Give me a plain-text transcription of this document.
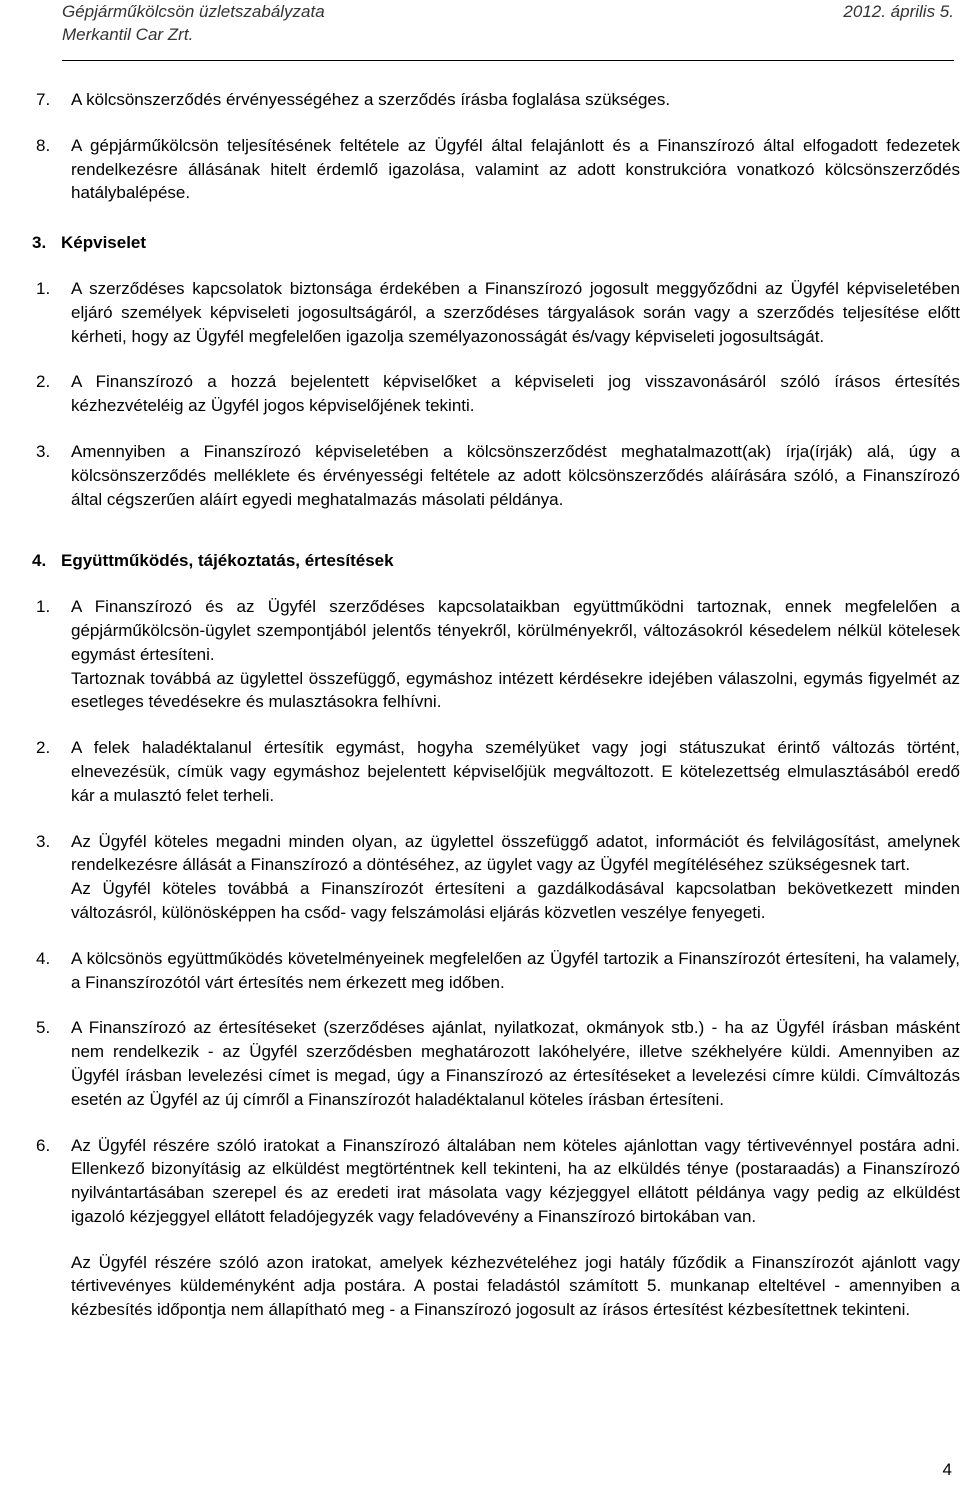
Gépjárműkölcsön üzletszabályzata
Merkantil Car Zrt.
2012. április 5.
7. A kölcsönszerződés érvényességéhez a szerződés írásba foglalása szükséges.

8. A gépjárműkölcsön teljesítésének feltétele az Ügyfél által felajánlott és a Finanszírozó által elfogadott fedezetek rendelkezésre állásának hitelt érdemlő igazolása, valamint az adott konstrukcióra vonatkozó kölcsönszerződés hatálybalépése.

3. Képviselet
1. A szerződéses kapcsolatok biztonsága érdekében a Finanszírozó jogosult meggyőződni az Ügyfél képviseletében eljáró személyek képviseleti jogosultságáról, a szerződéses tárgyalások során vagy a szerződés teljesítése előtt kérheti, hogy az Ügyfél megfelelően igazolja személyazonosságát és/vagy képviseleti jogosultságát.

2. A Finanszírozó a hozzá bejelentett képviselőket a képviseleti jog visszavonásáról szóló írásos értesítés kézhezvételéig az Ügyfél jogos képviselőjének tekinti.

3. Amennyiben a Finanszírozó képviseletében a kölcsönszerződést meghatalmazott(ak) írja(írják) alá, úgy a kölcsönszerződés melléklete és érvényességi feltétele az adott kölcsönszerződés aláírására szóló, a Finanszírozó által cégszerűen aláírt egyedi meghatalmazás másolati példánya.

4. Együttműködés, tájékoztatás, értesítések
1. A Finanszírozó és az Ügyfél szerződéses kapcsolataikban együttműködni tartoznak, ennek megfelelően a gépjárműkölcsön-ügylet szempontjából jelentős tényekről, körülményekről, változásokról késedelem nélkül kötelesek egymást értesíteni.

Tartoznak továbbá az ügylettel összefüggő, egymáshoz intézett kérdésekre idejében válaszolni, egymás figyelmét az esetleges tévedésekre és mulasztásokra felhívni.

2. A felek haladéktalanul értesítik egymást, hogyha személyüket vagy jogi státuszukat érintő változás történt, elnevezésük, címük vagy egymáshoz bejelentett képviselőjük megváltozott. E kötelezettség elmulasztásából eredő kár a mulasztó felet terheli.

3. Az Ügyfél köteles megadni minden olyan, az ügylettel összefüggő adatot, információt és felvilágosítást, amelynek rendelkezésre állását a Finanszírozó a döntéséhez, az ügylet vagy az Ügyfél megítéléséhez szükségesnek tart.

Az Ügyfél köteles továbbá a Finanszírozót értesíteni a gazdálkodásával kapcsolatban bekövetkezett minden változásról, különösképpen ha csőd- vagy felszámolási eljárás közvetlen veszélye fenyegeti.

4. A kölcsönös együttműködés követelményeinek megfelelően az Ügyfél tartozik a Finanszírozót értesíteni, ha valamely, a Finanszírozótól várt értesítés nem érkezett meg időben.

5. A Finanszírozó az értesítéseket (szerződéses ajánlat, nyilatkozat, okmányok stb.) - ha az Ügyfél írásban másként nem rendelkezik - az Ügyfél szerződésben meghatározott lakóhelyére, illetve székhelyére küldi. Amennyiben az Ügyfél írásban levelezési címet is megad, úgy a Finanszírozó az értesítéseket a levelezési címre küldi. Címváltozás esetén az Ügyfél az új címről a Finanszírozót haladéktalanul köteles írásban értesíteni.

6. Az Ügyfél részére szóló iratokat a Finanszírozó általában nem köteles ajánlottan vagy tértivevénnyel postára adni. Ellenkező bizonyításig az elküldést megtörténtnek kell tekinteni, ha az elküldés ténye (postaraadás) a Finanszírozó nyilvántartásában szerepel és az eredeti irat másolata vagy kézjeggyel ellátott példánya vagy pedig az elküldést igazoló kézjeggyel ellátott feladójegyzék vagy feladóvevény a Finanszírozó birtokában van.

Az Ügyfél részére szóló azon iratokat, amelyek kézhezvételéhez jogi hatály fűződik a Finanszírozót ajánlott vagy tértivevényes küldeményként adja postára. A postai feladástól számított 5. munkanap elteltével - amennyiben a kézbesítés időpontja nem állapítható meg - a Finanszírozó jogosult az írásos értesítést kézbesítettnek tekinteni.

4
